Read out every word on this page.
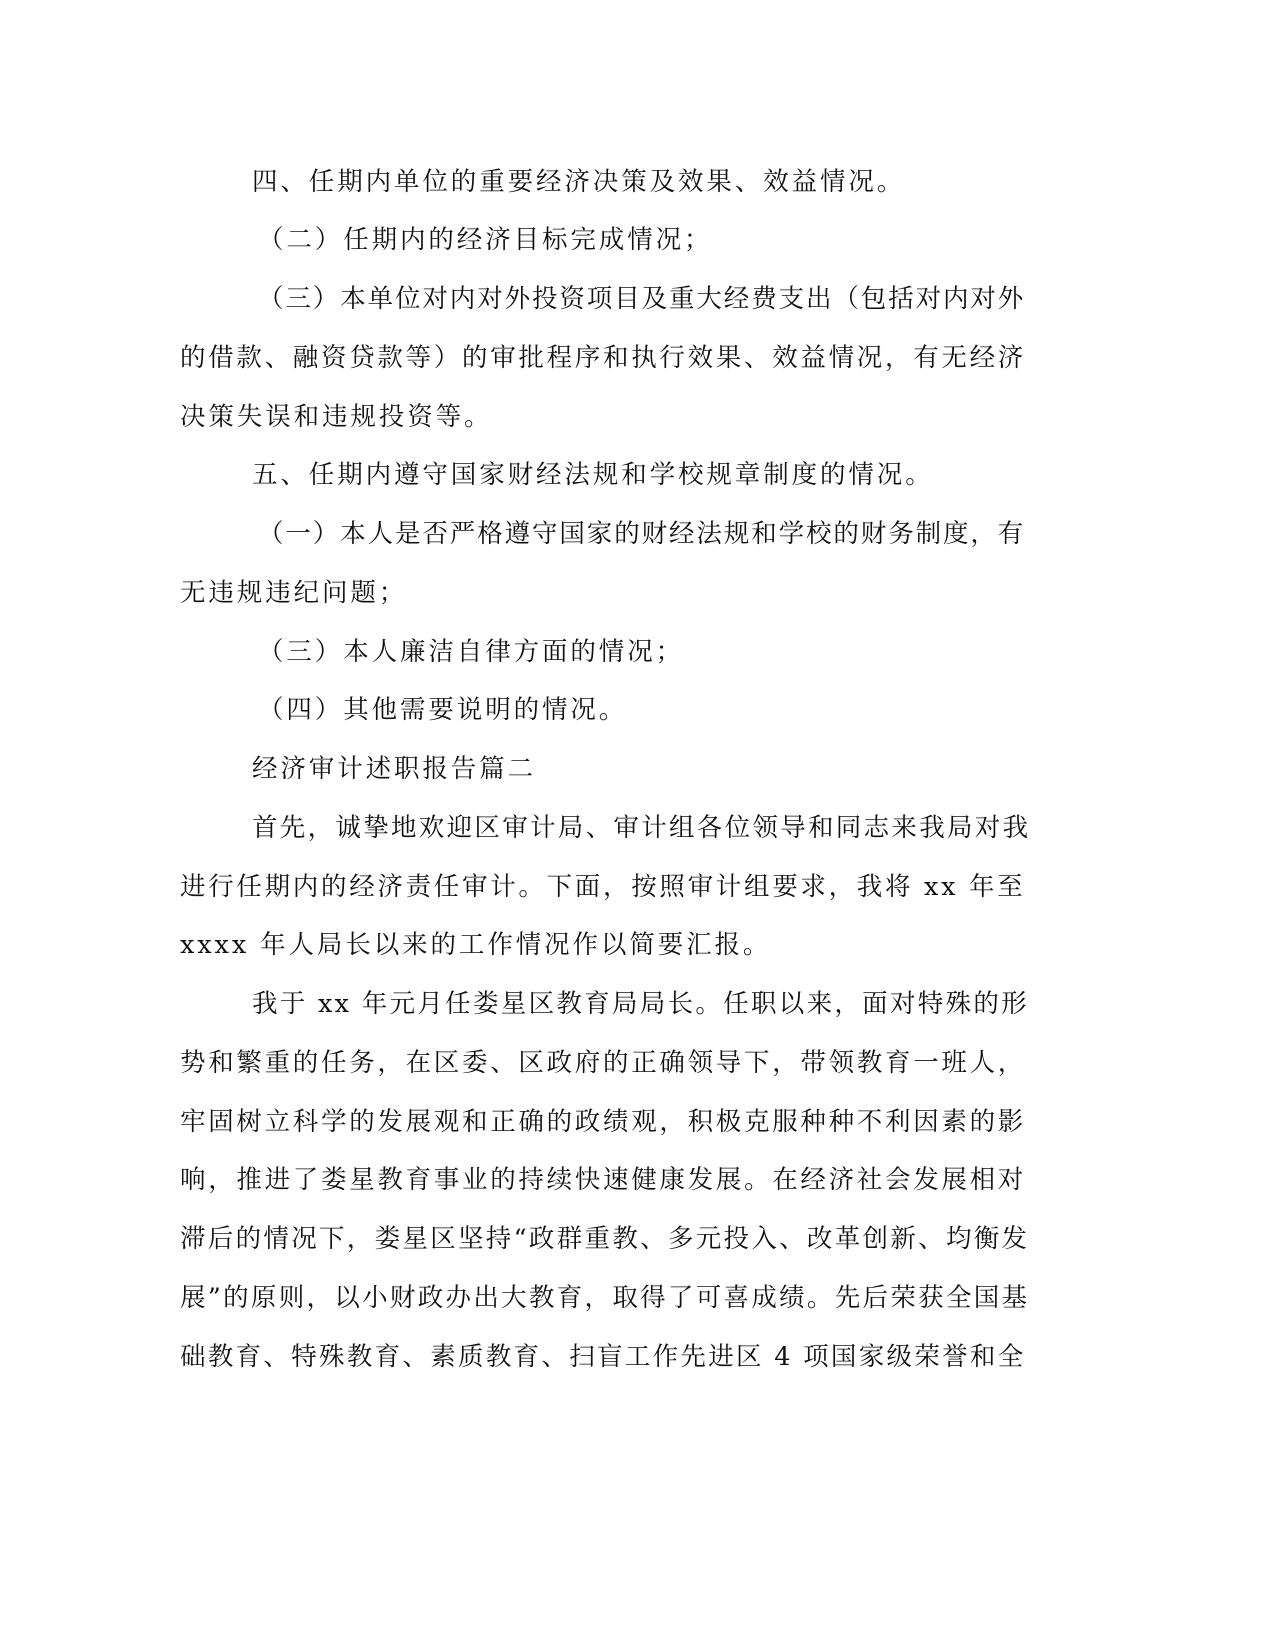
四、任期内单位的重要经济决策及效果、效益情况。
（二）任期内的经济目标完成情况；
（三）本单位对内对外投资项目及重大经费支出（包括对内对外
的借款、融资贷款等）的审批程序和执行效果、效益情况，有无经济
决策失误和违规投资等。
五、任期内遵守国家财经法规和学校规章制度的情况。
（一）本人是否严格遵守国家的财经法规和学校的财务制度，有
无违规违纪问题；
（三）本人廉洁自律方面的情况；
（四）其他需要说明的情况。
经济审计述职报告篇二
首先，诚挚地欢迎区审计局、审计组各位领导和同志来我局对我
进行任期内的经济责任审计。下面，按照审计组要求，我将 xx 年至
xxxx 年人局长以来的工作情况作以简要汇报。
我于 xx 年元月任娄星区教育局局长。任职以来，面对特殊的形
势和繁重的任务，在区委、区政府的正确领导下，带领教育一班人，
牢固树立科学的发展观和正确的政绩观，积极克服种种不利因素的影
响，推进了娄星教育事业的持续快速健康发展。在经济社会发展相对
滞后的情况下，娄星区坚持“政群重教、多元投入、改革创新、均衡发
展”的原则，以小财政办出大教育，取得了可喜成绩。先后荣获全国基
础教育、特殊教育、素质教育、扫盲工作先进区 4 项国家级荣誉和全
